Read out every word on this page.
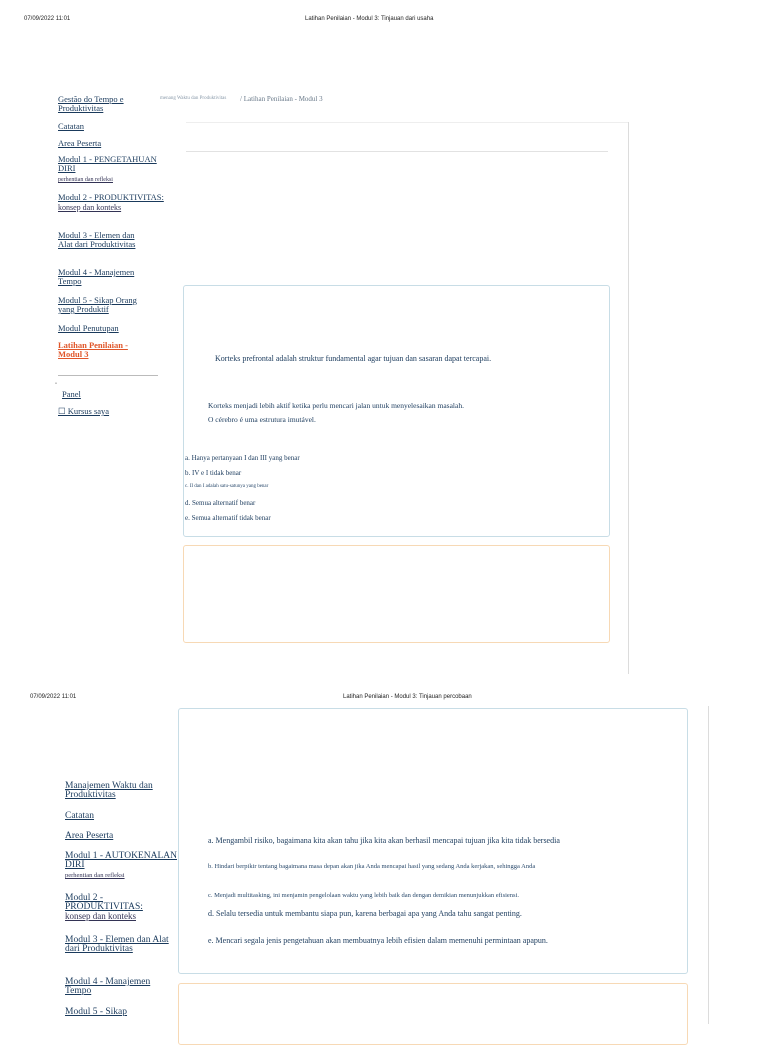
07/09/2022 11:01	Latihan Penilaian - Modul 3: Tinjauan dari usaha
menang Waktu dan Produktivitas / Latihan Penilaian - Modul 3
Gestão do Tempo e Produktivitas
Catatan
Area Peserta
Modul 1 - PENGETAHUAN DIRI
perhentian dan refleksi
Modul 2 - PRODUKTIVITAS:
konsep dan konteks
Modul 3 - Elemen dan Alat dari Produktivitas
Modul 4 - Manajemen Tempo
Modul 5 - Sikap Orang yang Produktif
Modul Penutupan
Latihan Penilaian - Modul 3
˚
Panel
☐ Kursus saya
Korteks prefrontal adalah struktur fundamental agar tujuan dan sasaran dapat tercapai.
Korteks menjadi lebih aktif ketika perlu mencari jalan untuk menyelesaikan masalah.
O cérebro é uma estrutura imutável.
a. Hanya pertanyaan I dan III yang benar
b. IV e I tidak benar
c. II dan I adalah satu-satunya yang benar
d. Semua alternatif benar
e. Semua alternatif tidak benar
07/09/2022 11:01	Latihan Penilaian - Modul 3: Tinjauan percobaan
Manajemen Waktu dan Produktivitas
Catatan
Area Peserta
Modul 1 - AUTOKENALAN DIRI
perhentian dan refleksi
Modul 2 - PRODUKTIVITAS:
konsep dan konteks
Modul 3 - Elemen dan Alat dari Produktivitas
Modul 4 - Manajemen Tempo
Modul 5 - Sikap
a. Mengambil risiko, bagaimana kita akan tahu jika kita akan berhasil mencapai tujuan jika kita tidak bersedia
b. Hindari berpikir tentang bagaimana masa depan akan jika Anda mencapai hasil yang sedang Anda kerjakan, sehingga Anda
c. Menjadi multitasking, ini menjamin pengelolaan waktu yang lebih baik dan dengan demikian menunjukkan efisiensi.
d. Selalu tersedia untuk membantu siapa pun, karena berbagai apa yang Anda tahu sangat penting.
e. Mencari segala jenis pengetahuan akan membuatnya lebih efisien dalam memenuhi permintaan apapun.
